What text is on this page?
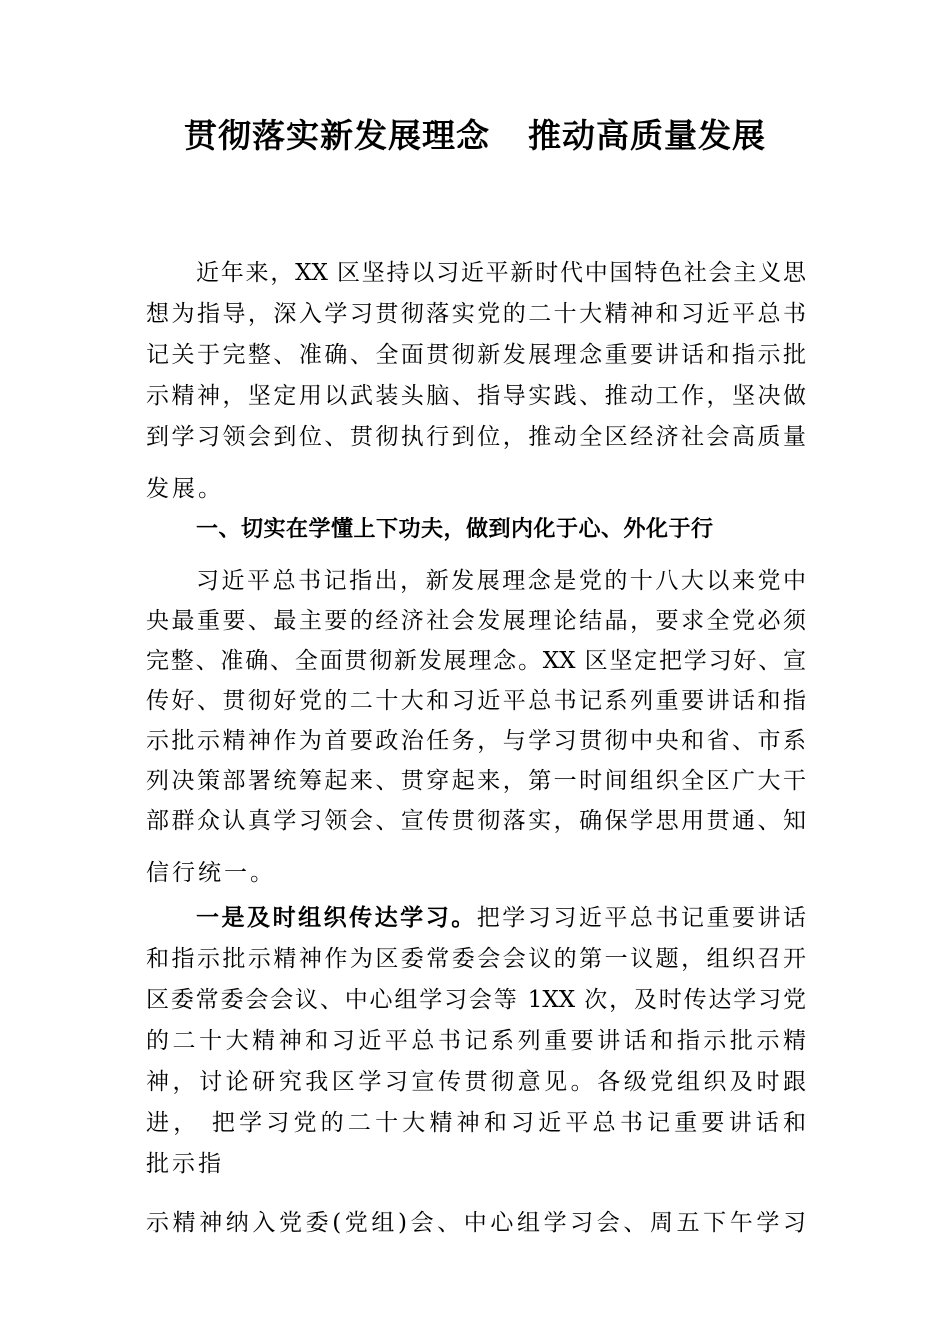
贯彻落实新发展理念 推动高质量发展
近年来，XX 区坚持以习近平新时代中国特色社会主义思
想为指导，深入学习贯彻落实党的二十大精神和习近平总书
记关于完整、准确、全面贯彻新发展理念重要讲话和指示批
示精神，坚定用以武装头脑、指导实践、推动工作，坚决做
到学习领会到位、贯彻执行到位，推动全区经济社会高质量
发展。
一、切实在学懂上下功夫，做到内化于心、外化于行
习近平总书记指出，新发展理念是党的十八大以来党中
央最重要、最主要的经济社会发展理论结晶，要求全党必须
完整、准确、全面贯彻新发展理念。XX 区坚定把学习好、宣
传好、贯彻好党的二十大和习近平总书记系列重要讲话和指
示批示精神作为首要政治任务，与学习贯彻中央和省、市系
列决策部署统筹起来、贯穿起来，第一时间组织全区广大干
部群众认真学习领会、宣传贯彻落实，确保学思用贯通、知
信行统一。
一是及时组织传达学习。把学习习近平总书记重要讲话
和指示批示精神作为区委常委会会议的第一议题，组织召开
区委常委会会议、中心组学习会等 1XX 次，及时传达学习党
的二十大精神和习近平总书记系列重要讲话和指示批示精
神，讨论研究我区学习宣传贯彻意见。各级党组织及时跟
进， 把学习党的二十大精神和习近平总书记重要讲话和
批示指
示精神纳入党委(党组)会、中心组学习会、周五下午学习
